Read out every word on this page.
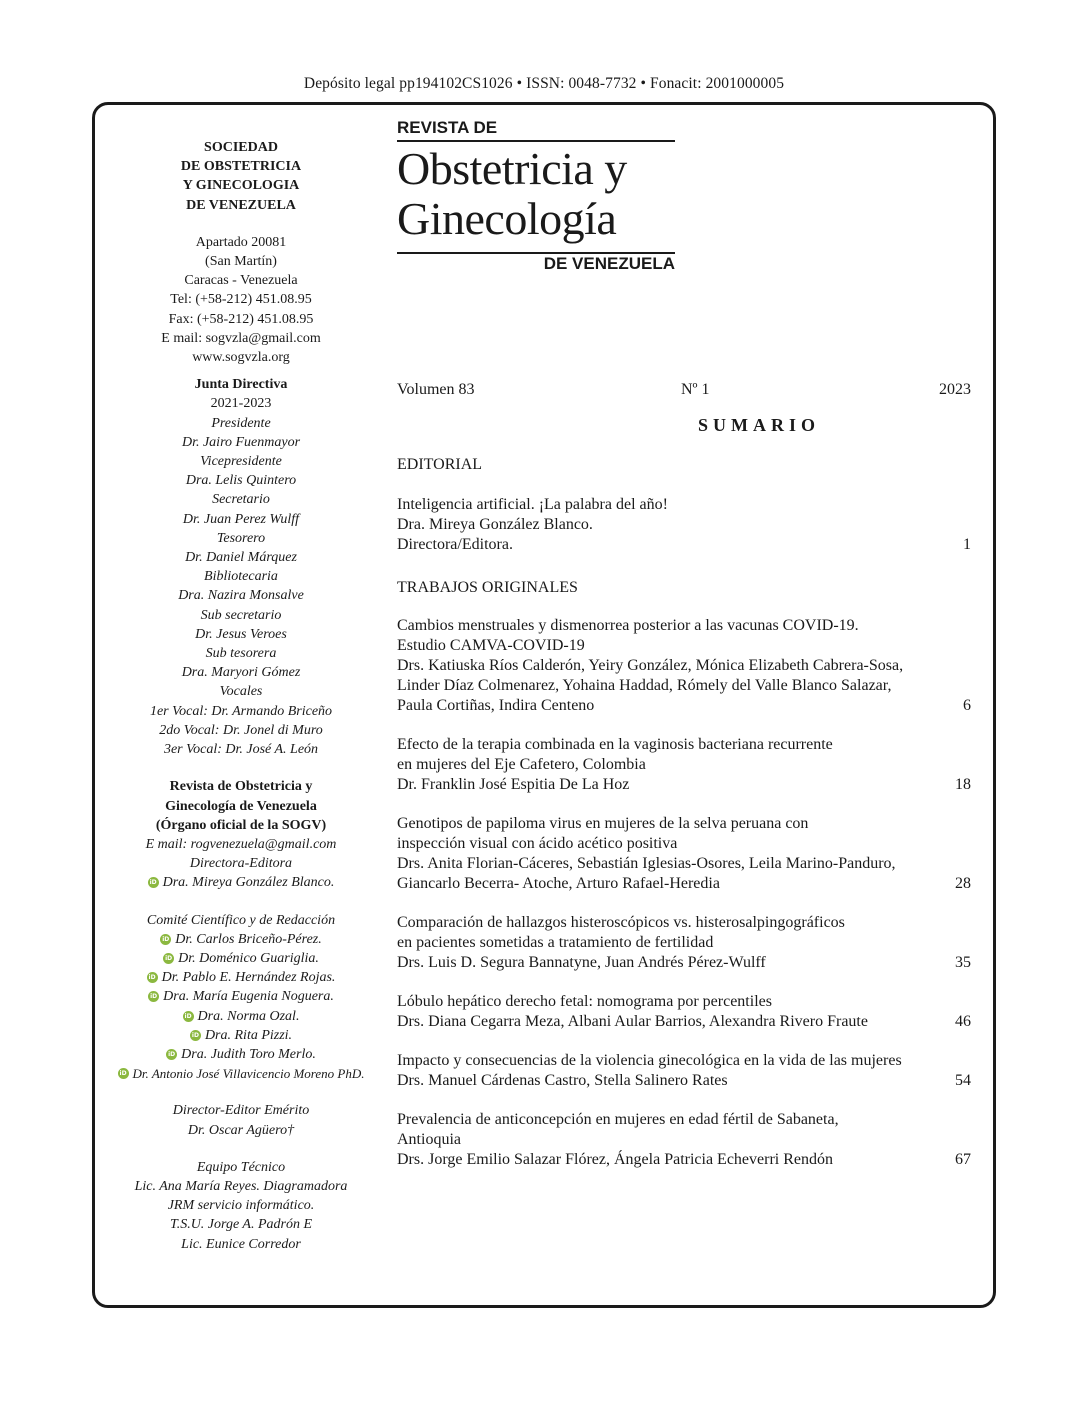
Depósito legal pp194102CS1026 • ISSN: 0048-7732 • Fonacit: 2001000005
SOCIEDAD
DE OBSTETRICIA
Y GINECOLOGIA
DE VENEZUELA
Apartado 20081
(San Martín)
Caracas - Venezuela
Tel: (+58-212) 451.08.95
Fax: (+58-212) 451.08.95
E mail: sogvzla@gmail.com
www.sogvzla.org
Junta Directiva
2021-2023
Presidente
Dr. Jairo Fuenmayor
Vicepresidente
Dra. Lelis Quintero
Secretario
Dr. Juan Perez Wulff
Tesorero
Dr. Daniel Márquez
Bibliotecaria
Dra. Nazira Monsalve
Sub secretario
Dr. Jesus Veroes
Sub tesorera
Dra. Maryori Gómez
Vocales
1er Vocal: Dr. Armando Briceño
2do Vocal: Dr. Jonel di Muro
3er Vocal: Dr. José A. León
Revista de Obstetricia y
Ginecología de Venezuela
(Órgano oficial de la SOGV)
E mail: rogvenezuela@gmail.com
Directora-Editora
iD Dra. Mireya González Blanco.
Comité Científico y de Redacción
iD Dr. Carlos Briceño-Pérez.
iD Dr. Doménico Guariglia.
iD Dr. Pablo E. Hernández Rojas.
iD Dra. María Eugenia Noguera.
iD Dra. Norma Ozal.
iD Dra. Rita Pizzi.
iD Dra. Judith Toro Merlo.
iD Dr. Antonio José Villavicencio Moreno PhD.
Director-Editor Emérito
Dr. Oscar Agüero†
Equipo Técnico
Lic. Ana María Reyes. Diagramadora
JRM servicio informático.
T.S.U. Jorge A. Padrón E
Lic. Eunice Corredor
REVISTA DE
Obstetricia y
Ginecología
DE VENEZUELA
Volumen 83	Nº 1	2023
SUMARIO
EDITORIAL
Inteligencia artificial. ¡La palabra del año!
Dra. Mireya González Blanco.
Directora/Editora.	1
TRABAJOS ORIGINALES
Cambios menstruales y dismenorrea posterior a las vacunas COVID-19.
Estudio CAMVA-COVID-19
Drs. Katiuska Ríos Calderón, Yeiry González, Mónica Elizabeth Cabrera-Sosa,
Linder Díaz Colmenarez, Yohaina Haddad, Rómely del Valle Blanco Salazar,
Paula Cortiñas, Indira Centeno	6
Efecto de la terapia combinada en la vaginosis bacteriana recurrente
en mujeres del Eje Cafetero, Colombia
Dr. Franklin José Espitia De La Hoz	18
Genotipos de papiloma virus en mujeres de la selva peruana con
inspección visual con ácido acético positiva
Drs. Anita Florian-Cáceres, Sebastián Iglesias-Osores, Leila Marino-Panduro,
Giancarlo Becerra- Atoche, Arturo Rafael-Heredia	28
Comparación de hallazgos histeroscópicos vs. histerosalpingográficos
en pacientes sometidas a tratamiento de fertilidad
Drs. Luis D. Segura Bannatyne, Juan Andrés Pérez-Wulff	35
Lóbulo hepático derecho fetal: nomograma por percentiles
Drs. Diana Cegarra Meza, Albani Aular Barrios, Alexandra Rivero Fraute	46
Impacto y consecuencias de la violencia ginecológica en la vida de las mujeres
Drs. Manuel Cárdenas Castro, Stella Salinero Rates	54
Prevalencia de anticoncepción en mujeres en edad fértil de Sabaneta,
Antioquia
Drs. Jorge Emilio Salazar Flórez, Ángela Patricia Echeverri Rendón	67
